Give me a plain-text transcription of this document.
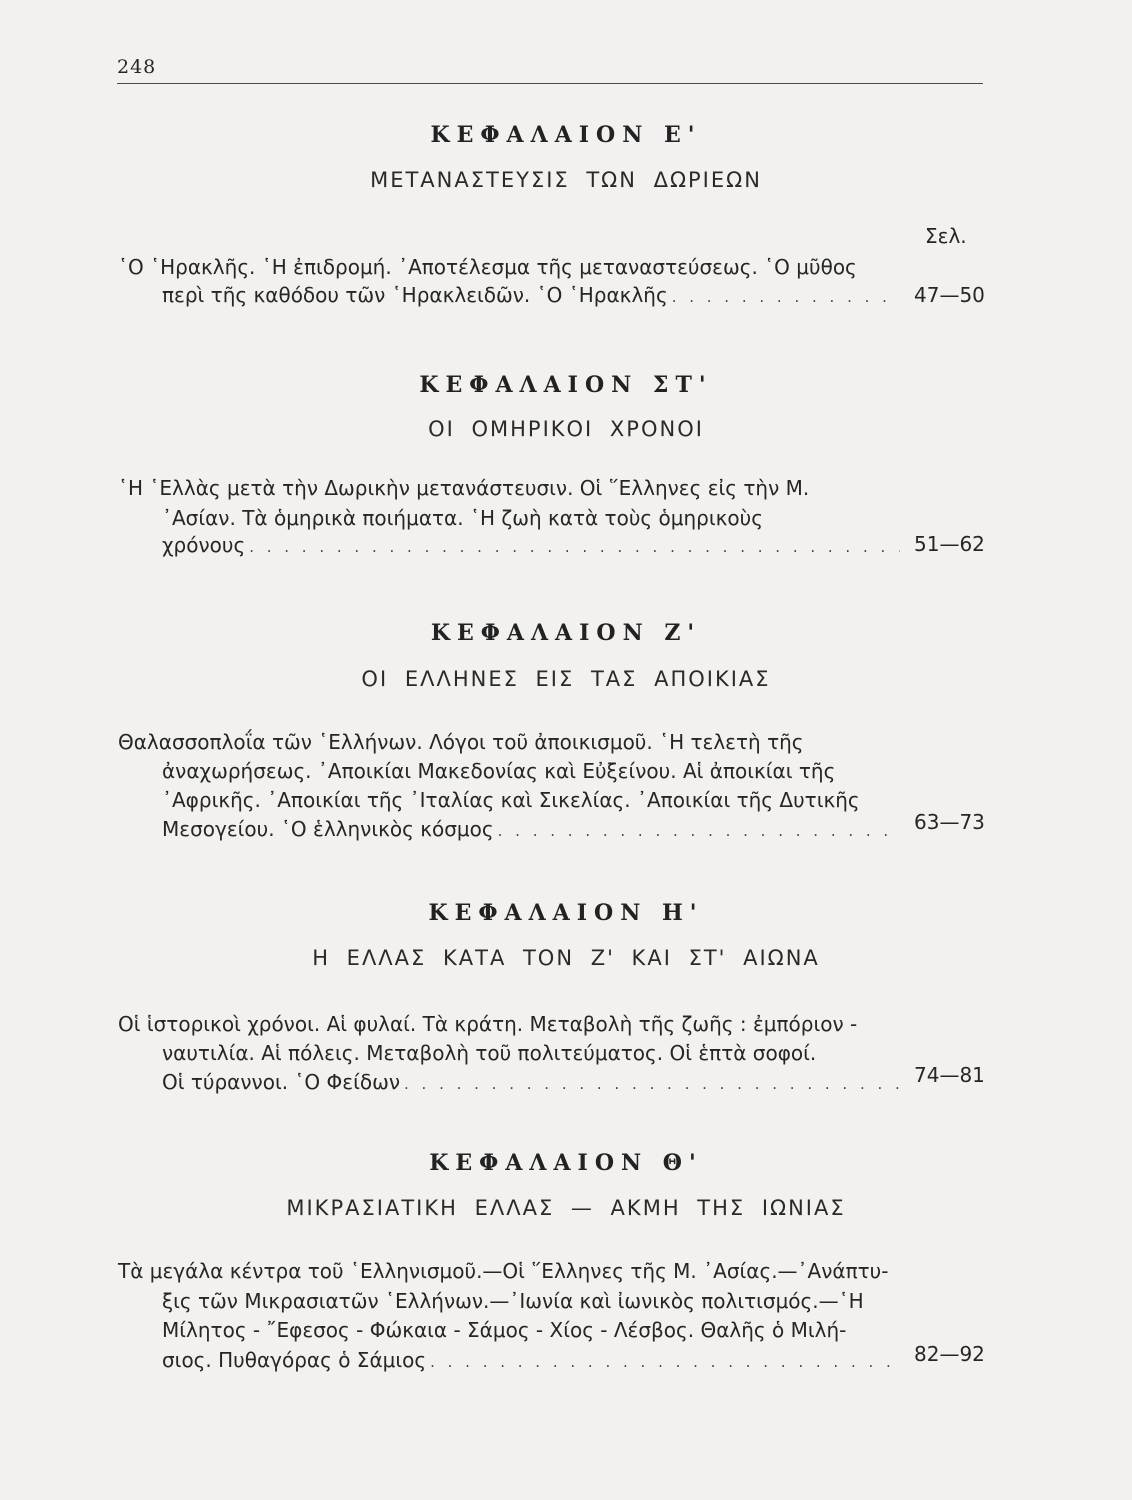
248
Σελ.
ΚΕΦΑΛΑΙΟΝ Ε'
ΜΕΤΑΝΑΣΤΕΥΣΙΣ ΤΩΝ ΔΩΡΙΕΩΝ
῾Ο ῾Ηρακλῆς. ῾Η ἐπιδρομή. ᾿Αποτέλεσμα τῆς μεταναστεύσεως. ῾Ο μῦθος
περὶ τῆς καθόδου τῶν ῾Ηρακλειδῶν. ῾Ο ῾Ηρακλῆς . . .	47—50
ΚΕΦΑΛΑΙΟΝ ΣΤ'
ΟΙ ΟΜΗΡΙΚΟΙ ΧΡΟΝΟΙ
῾Η ῾Ελλὰς μετὰ τὴν Δωρικὴν μετανάστευσιν. Οἱ ῞Ελληνες εἰς τὴν Μ.
᾿Ασίαν. Τὰ ὁμηρικὰ ποιήματα. ῾Η ζωὴ κατὰ τοὺς ὁμηρικοὺς
χρόνους . . .	51—62
ΚΕΦΑΛΑΙΟΝ Ζ'
ΟΙ ΕΛΛΗΝΕΣ ΕΙΣ ΤΑΣ ΑΠΟΙΚΙΑΣ
Θαλασσοπλοΐα τῶν ῾Ελλήνων. Λόγοι τοῦ ἀποικισμοῦ. ῾Η τελετὴ τῆς
ἀναχωρήσεως. ᾿Αποικίαι Μακεδονίας καὶ Εὐξείνου. Αἱ ἀποικίαι τῆς
᾿Αφρικῆς. ᾿Αποικίαι τῆς ᾿Ιταλίας καὶ Σικελίας. ᾿Αποικίαι τῆς Δυτικῆς
Μεσογείου. ῾Ο ἑλληνικὸς κόσμος . . .	63—73
ΚΕΦΑΛΑΙΟΝ Η'
Η ΕΛΛΑΣ ΚΑΤΑ ΤΟΝ Ζ' ΚΑΙ ΣΤ' ΑΙΩΝΑ
Οἱ ἱστορικοὶ χρόνοι. Αἱ φυλαί. Τὰ κράτη. Μεταβολὴ τῆς ζωῆς : ἐμπόριον -
ναυτιλία. Αἱ πόλεις. Μεταβολὴ τοῦ πολιτεύματος. Οἱ ἑπτὰ σοφοί.
Οἱ τύραννοι. ῾Ο Φείδων . . .	74—81
ΚΕΦΑΛΑΙΟΝ Θ'
ΜΙΚΡΑΣΙΑΤΙΚΗ ΕΛΛΑΣ — ΑΚΜΗ ΤΗΣ ΙΩΝΙΑΣ
Τὰ μεγάλα κέντρα τοῦ ῾Ελληνισμοῦ.—Οἱ ῞Ελληνες τῆς Μ. ᾿Ασίας.—᾿Ανάπτυ-
ξις τῶν Μικρασιατῶν ῾Ελλήνων.—᾿Ιωνία καὶ ἰωνικὸς πολιτισμός.—῾Η
Μίλητος - ῎Εφεσος - Φώκαια - Σάμος - Χίος - Λέσβος. Θαλῆς ὁ Μιλή-
σιος. Πυθαγόρας ὁ Σάμιος . . .	82—92
